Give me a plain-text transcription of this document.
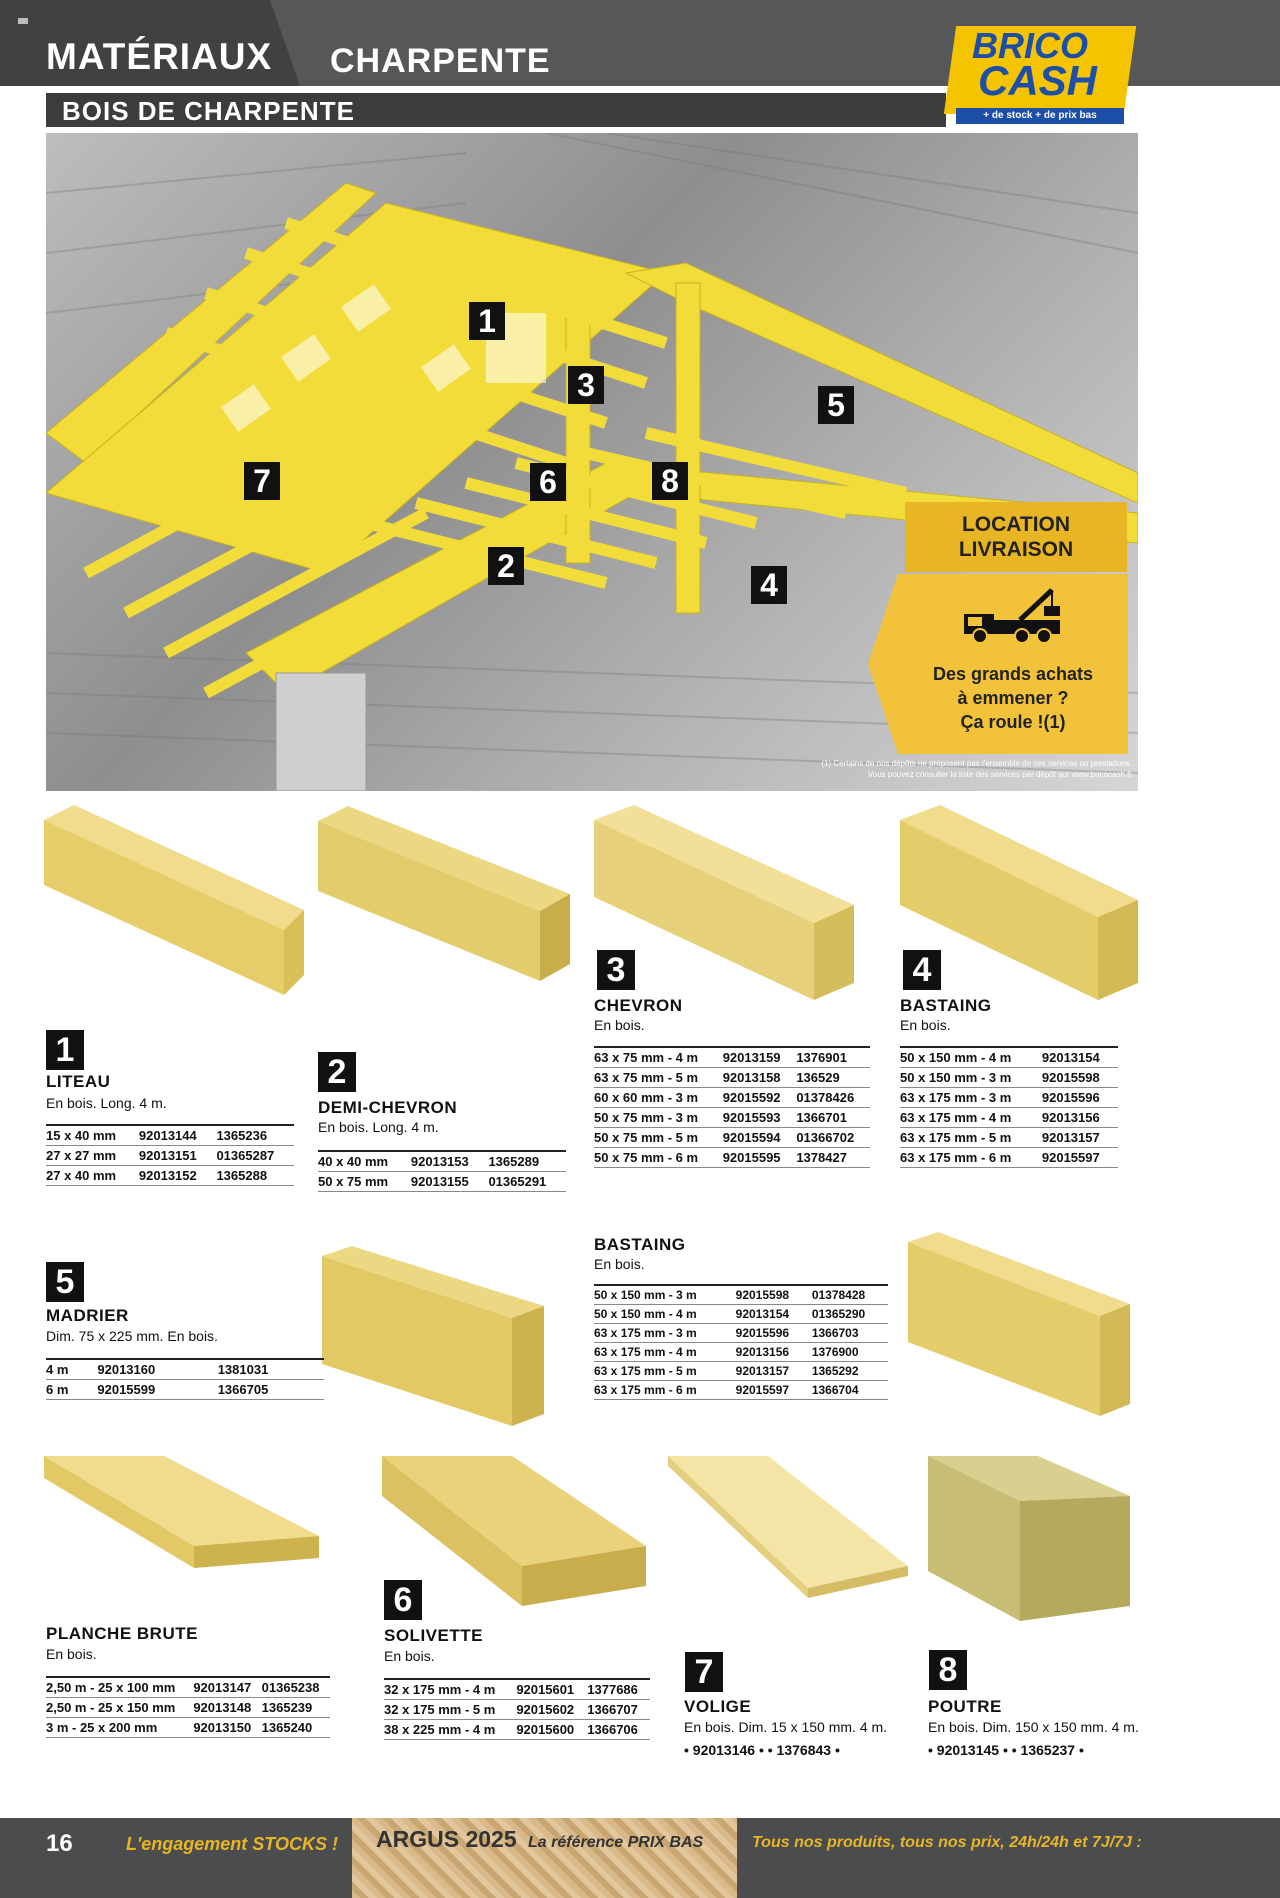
MATÉRIAUX CHARPENTE
BOIS DE CHARPENTE
BRICO
CASH
+ de stock + de prix bas
1
2
3
4
5
6
7	8
LOCATION
LIVRAISON
Des grands achats
à emmener ?
Ça roule !(1)
(1) Certains de nos dépôts ne proposent pas l'ensemble de ces services ou prestations.
Vous pouvez consulter la liste des services par dépôt sur www.bricocash.fr
1
LITEAU
En bois. Long. 4 m.
15 x 40 mm	92013144	1365236
27 x 27 mm	92013151	01365287
27 x 40 mm	92013152	1365288
2
DEMI-CHEVRON
En bois. Long. 4 m.
40 x 40 mm	92013153	1365289
50 x 75 mm	92013155	01365291
3
CHEVRON
En bois.
63 x 75 mm - 4 m	92013159	1376901
63 x 75 mm - 5 m	92013158	136529
60 x 60 mm - 3 m	92015592	01378426
50 x 75 mm - 3 m	92015593	1366701
50 x 75 mm - 5 m	92015594	01366702
50 x 75 mm - 6 m	92015595	1378427
4
BASTAING
En bois.
50 x 150 mm - 4 m	92013154
50 x 150 mm - 3 m	92015598
63 x 175 mm - 3 m	92015596
63 x 175 mm - 4 m	92013156
63 x 175 mm - 5 m	92013157
63 x 175 mm - 6 m	92015597
5
MADRIER
Dim. 75 x 225 mm. En bois.
4 m	92013160	1381031
6 m	92015599	1366705
BASTAING
En bois.
50 x 150 mm - 3 m	92015598	01378428
50 x 150 mm - 4 m	92013154	01365290
63 x 175 mm - 3 m	92015596	1366703
63 x 175 mm - 4 m	92013156	1376900
63 x 175 mm - 5 m	92013157	1365292
63 x 175 mm - 6 m	92015597	1366704
PLANCHE BRUTE
En bois.
2,50 m - 25 x 100 mm	92013147	01365238
2,50 m - 25 x 150 mm	92013148	1365239
3 m - 25 x 200 mm	92013150	1365240
6
SOLIVETTE
En bois.
32 x 175 mm - 4 m	92015601	1377686
32 x 175 mm - 5 m	92015602	1366707
38 x 225 mm - 4 m	92015600	1366706
7
VOLIGE
En bois. Dim. 15 x 150 mm. 4 m.
• 92013146 • • 1376843 •
8
POUTRE
En bois. Dim. 150 x 150 mm. 4 m.
• 92013145 • • 1365237 •
16	L'engagement STOCKS ! ARGUS 2025 La référence PRIX BAS	Tous nos produits, tous nos prix, 24h/24h et 7J/7J :
